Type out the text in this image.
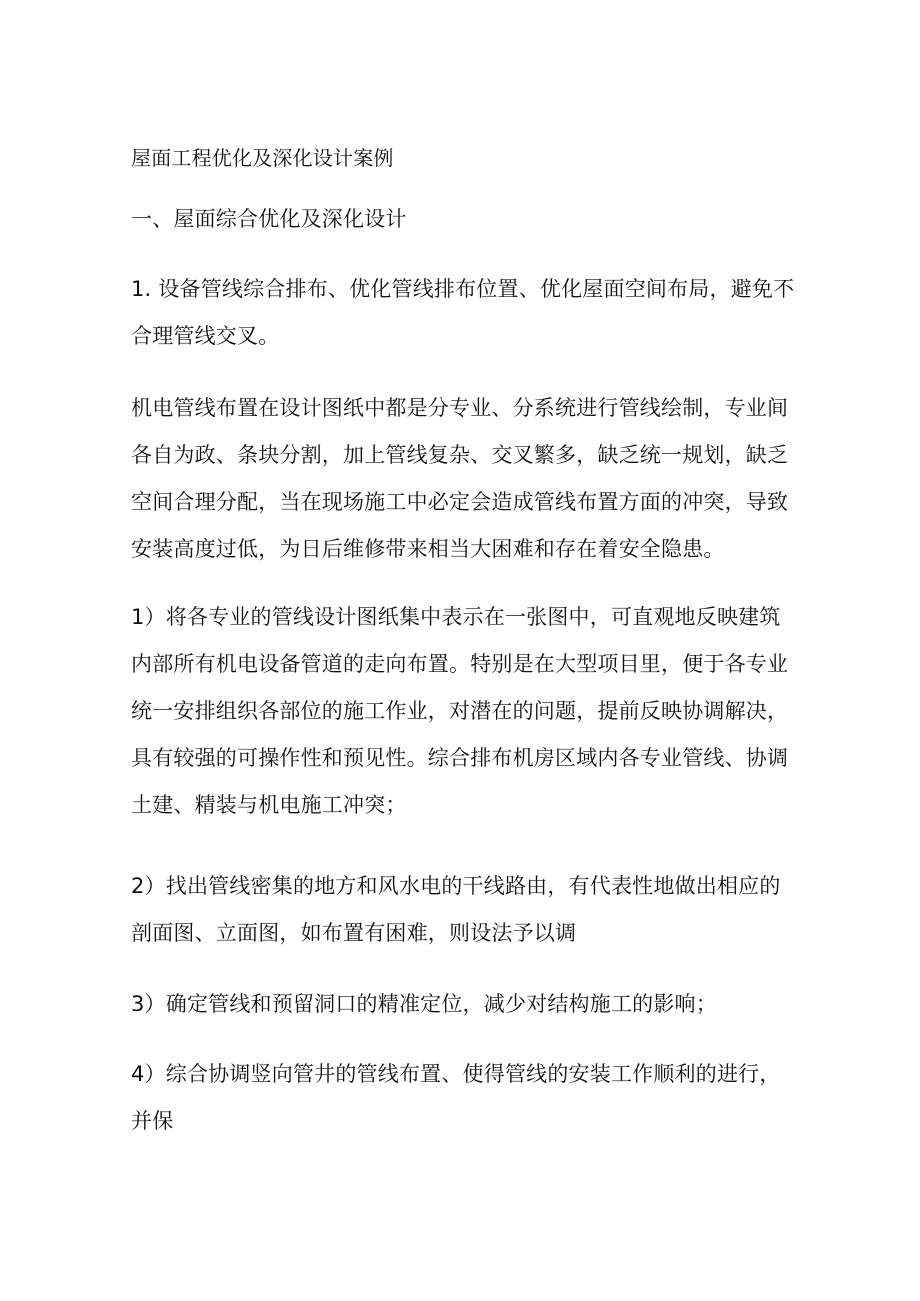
屋面工程优化及深化设计案例
一、屋面综合优化及深化设计
1. 设备管线综合排布、优化管线排布位置、优化屋面空间布局，避免不
合理管线交叉。
机电管线布置在设计图纸中都是分专业、分系统进行管线绘制，专业间
各自为政、条块分割，加上管线复杂、交叉繁多，缺乏统一规划，缺乏
空间合理分配，当在现场施工中必定会造成管线布置方面的冲突，导致
安装高度过低，为日后维修带来相当大困难和存在着安全隐患。
1）将各专业的管线设计图纸集中表示在一张图中，可直观地反映建筑
内部所有机电设备管道的走向布置。特别是在大型项目里，便于各专业
统一安排组织各部位的施工作业，对潜在的问题，提前反映协调解决，
具有较强的可操作性和预见性。综合排布机房区域内各专业管线、协调
土建、精装与机电施工冲突；
2）找出管线密集的地方和风水电的干线路由，有代表性地做出相应的
剖面图、立面图，如布置有困难，则设法予以调
3）确定管线和预留洞口的精准定位，减少对结构施工的影响；
4）综合协调竖向管井的管线布置、使得管线的安装工作顺利的进行，
并保
